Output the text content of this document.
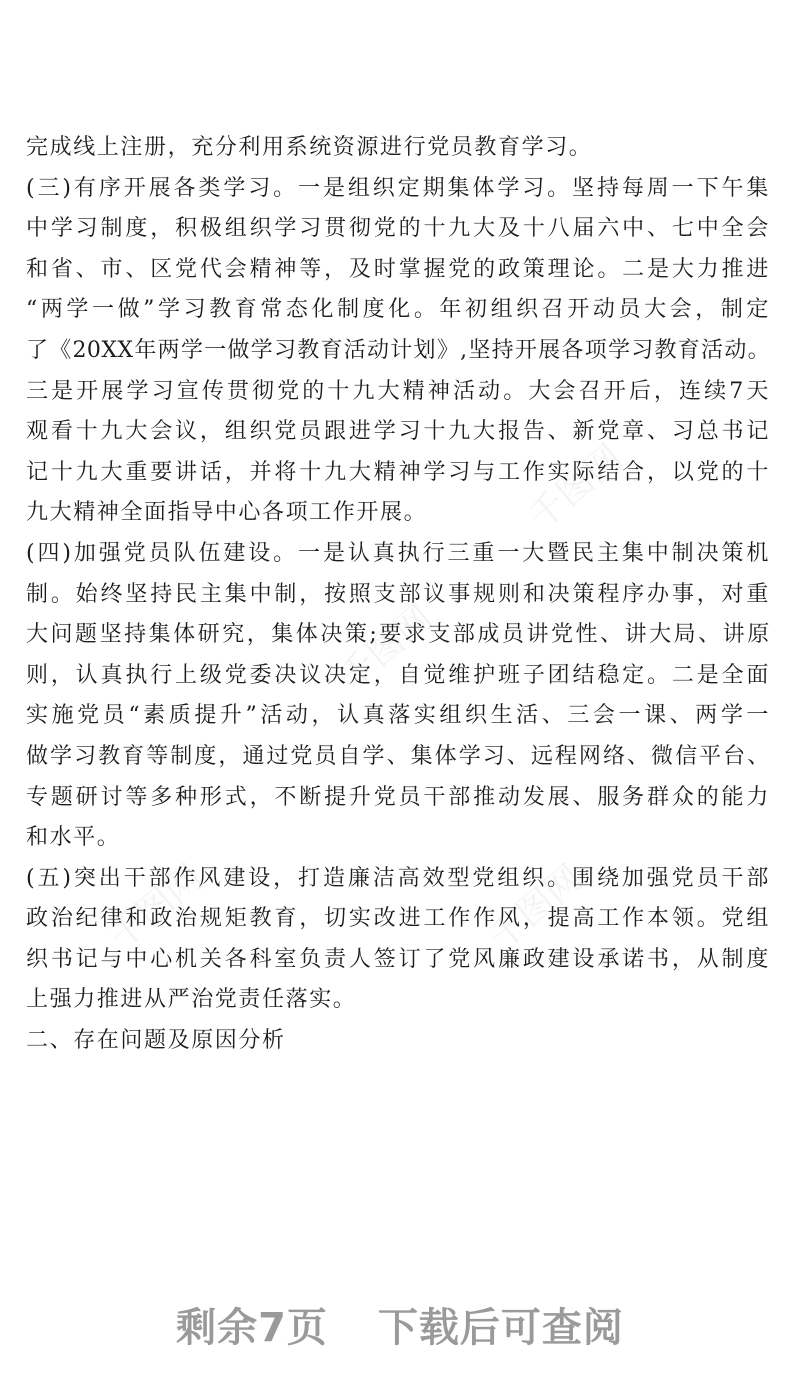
千图网
千图网
千图网	千图网
完成线上注册，充分利用系统资源进行党员教育学习。
(三)有序开展各类学习。一是组织定期集体学习。坚持每周一下午集
中学习制度，积极组织学习贯彻党的十九大及十八届六中、七中全会
和省、市、区党代会精神等，及时掌握党的政策理论。二是大力推进
“两学一做”学习教育常态化制度化。年初组织召开动员大会，制定
了《20XX年两学一做学习教育活动计划》,坚持开展各项学习教育活动。
三是开展学习宣传贯彻党的十九大精神活动。大会召开后，连续7天
观看十九大会议，组织党员跟进学习十九大报告、新党章、习总书记
记十九大重要讲话，并将十九大精神学习与工作实际结合，以党的十
九大精神全面指导中心各项工作开展。
(四)加强党员队伍建设。一是认真执行三重一大暨民主集中制决策机
制。始终坚持民主集中制，按照支部议事规则和决策程序办事，对重
大问题坚持集体研究，集体决策;要求支部成员讲党性、讲大局、讲原
则，认真执行上级党委决议决定，自觉维护班子团结稳定。二是全面
实施党员“素质提升”活动，认真落实组织生活、三会一课、两学一
做学习教育等制度，通过党员自学、集体学习、远程网络、微信平台、
专题研讨等多种形式，不断提升党员干部推动发展、服务群众的能力
和水平。
(五)突出干部作风建设，打造廉洁高效型党组织。围绕加强党员干部
政治纪律和政治规矩教育，切实改进工作作风，提高工作本领。党组
织书记与中心机关各科室负责人签订了党风廉政建设承诺书，从制度
上强力推进从严治党责任落实。
二、存在问题及原因分析
剩余7页 下载后可查阅
